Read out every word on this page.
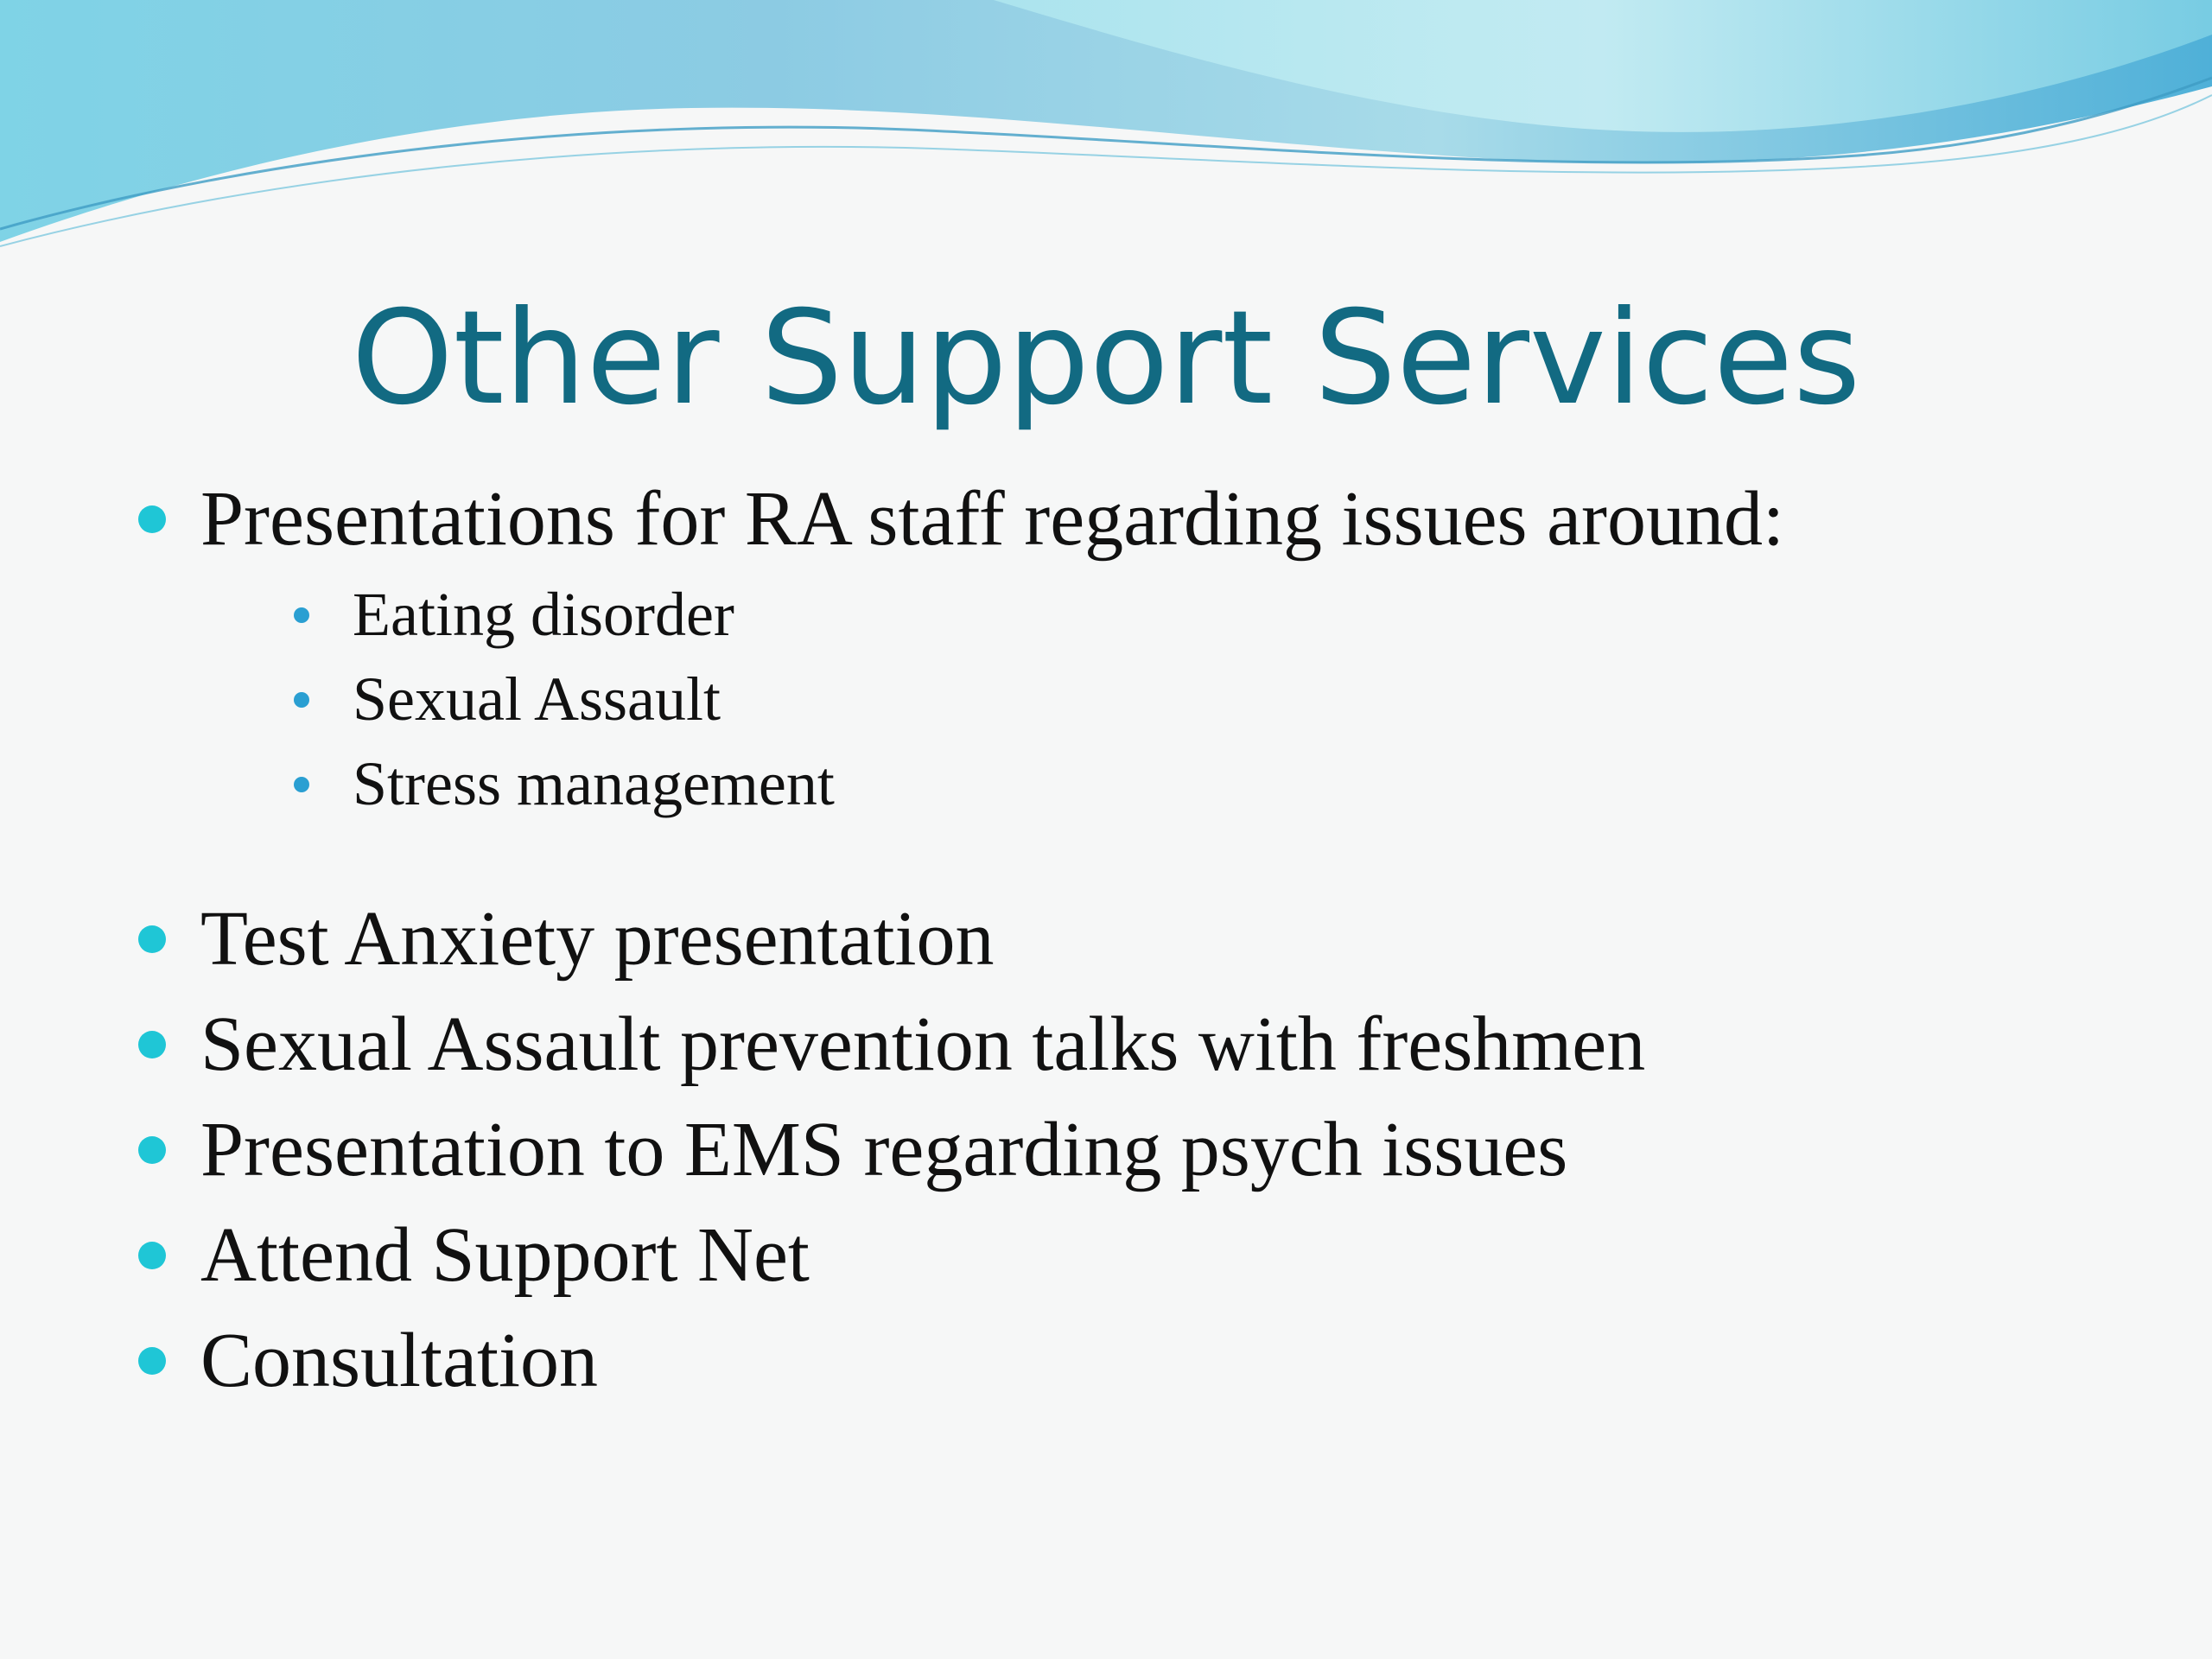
Other Support Services
Presentations for RA staff regarding issues around:
Eating disorder
Sexual Assault
Stress management
Test Anxiety presentation
Sexual Assault prevention talks with freshmen
Presentation to EMS regarding psych issues
Attend Support Net
Consultation
